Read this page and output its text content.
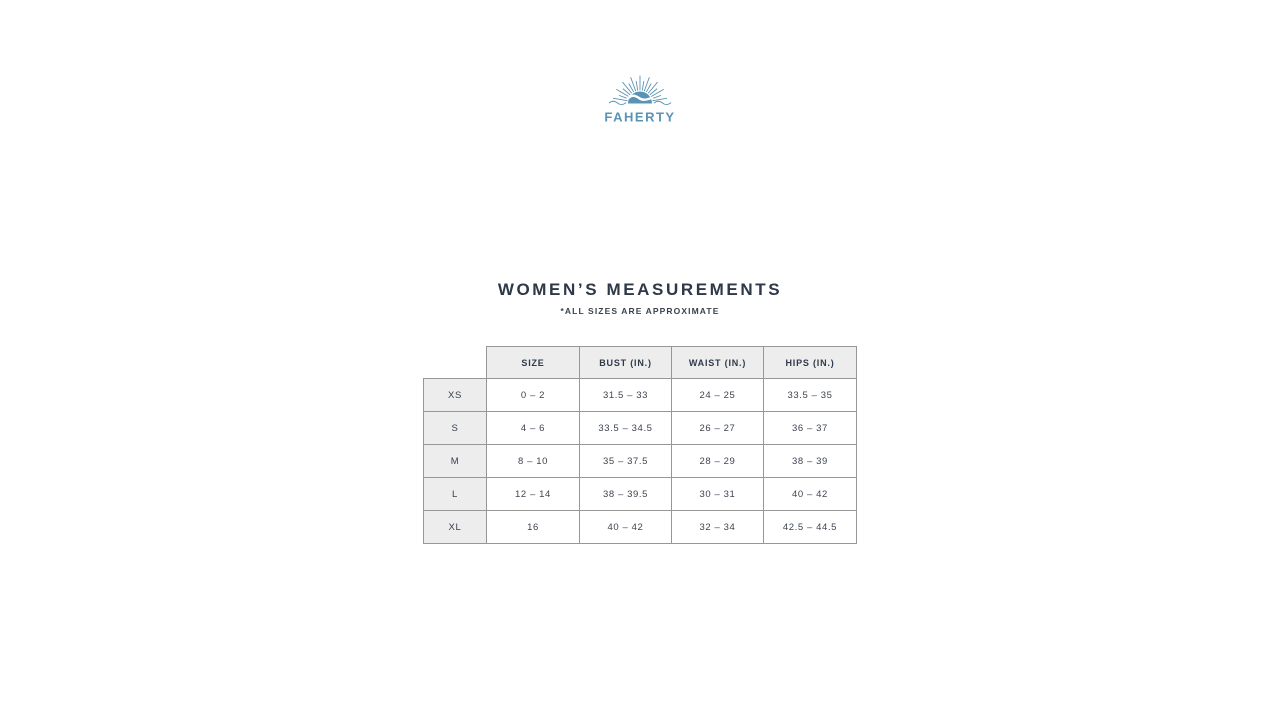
FAHERTY
WOMEN’S MEASUREMENTS
*ALL SIZES ARE APPROXIMATE
	SIZE	BUST (IN.)	WAIST (IN.)	HIPS (IN.)
XS	0 – 2	31.5 – 33	24 – 25	33.5 – 35
S	4 – 6	33.5 – 34.5	26 – 27	36 – 37
M	8 – 10	35 – 37.5	28 – 29	38 – 39
L	12 – 14	38 – 39.5	30 – 31	40 – 42
XL	16	40 – 42	32 – 34	42.5 – 44.5
